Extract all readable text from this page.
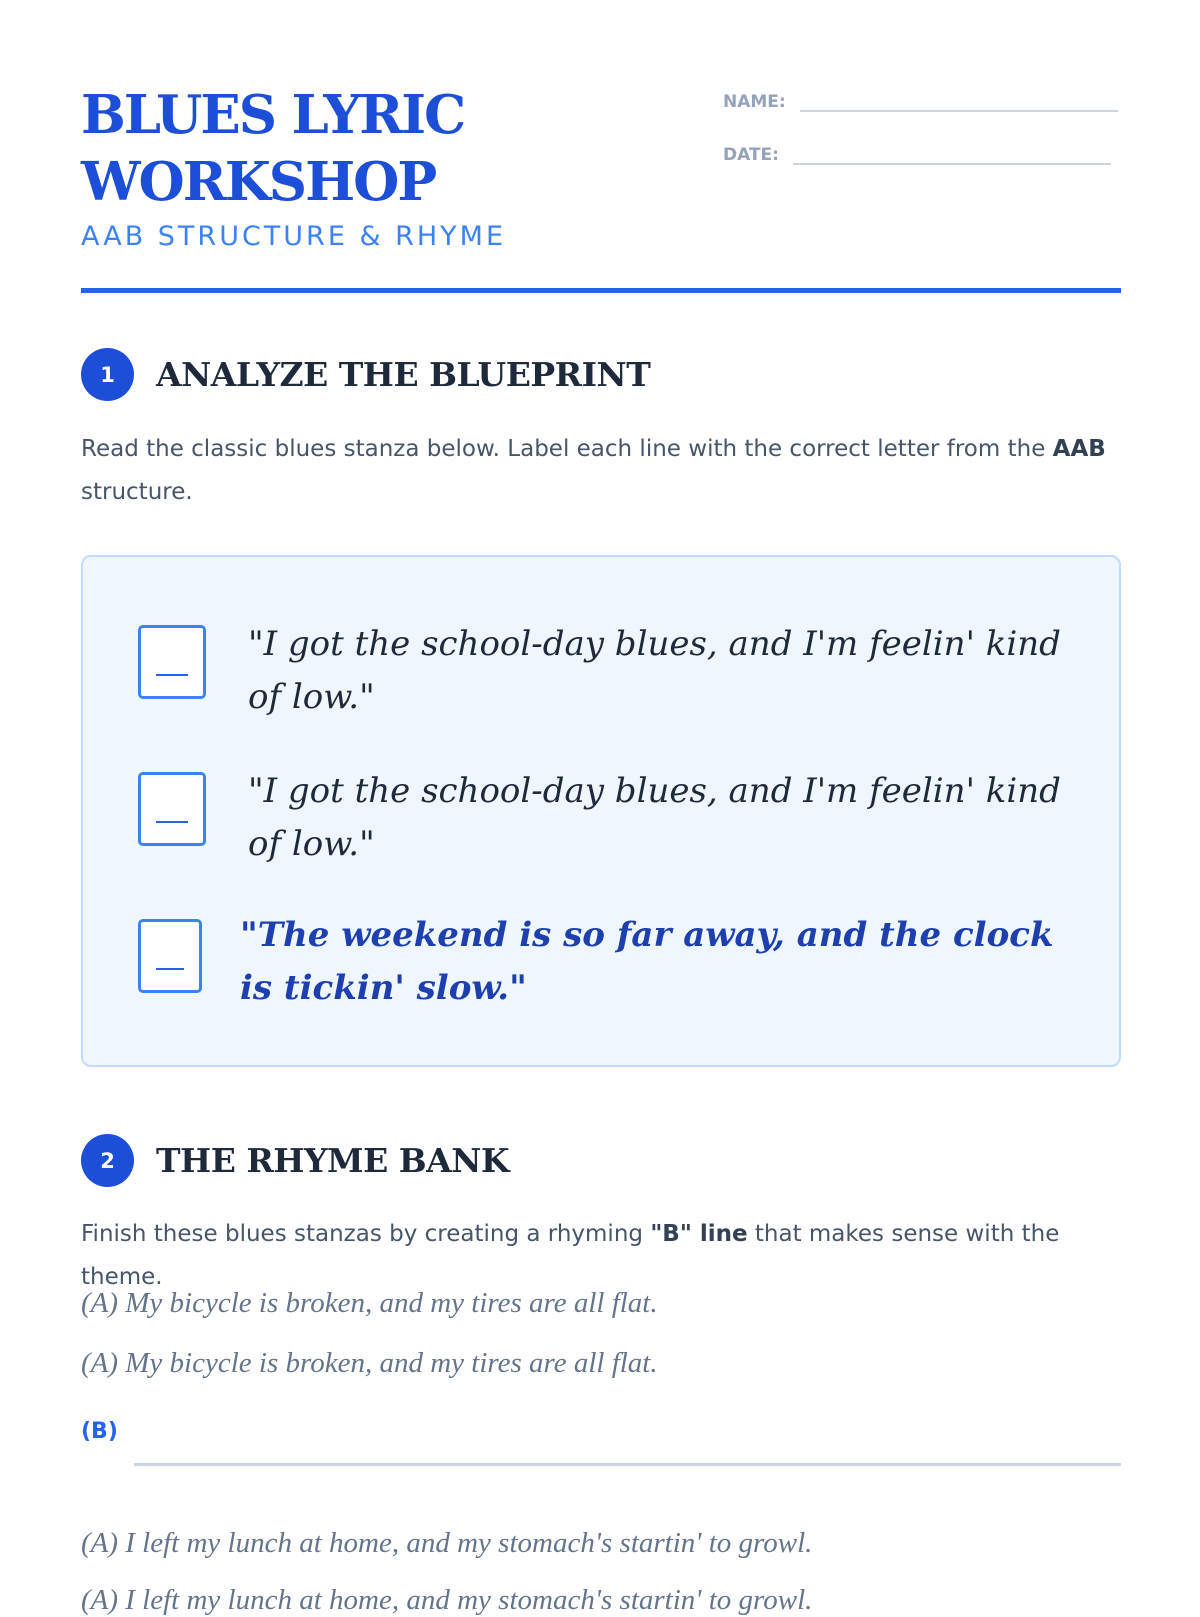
BLUES LYRIC
WORKSHOP
AAB STRUCTURE & RHYME
NAME:
DATE:
1	ANALYZE THE BLUEPRINT
Read the classic blues stanza below. Label each line with the correct letter from the AAB structure.
"I got the school-day blues, and I'm feelin' kind of low."
"I got the school-day blues, and I'm feelin' kind of low."
"The weekend is so far away, and the clock is tickin' slow."
2	THE RHYME BANK
Finish these blues stanzas by creating a rhyming "B" line that makes sense with the theme.
(A) My bicycle is broken, and my tires are all flat.
(A) My bicycle is broken, and my tires are all flat.
(B)
(A) I left my lunch at home, and my stomach's startin' to growl.
(A) I left my lunch at home, and my stomach's startin' to growl.
